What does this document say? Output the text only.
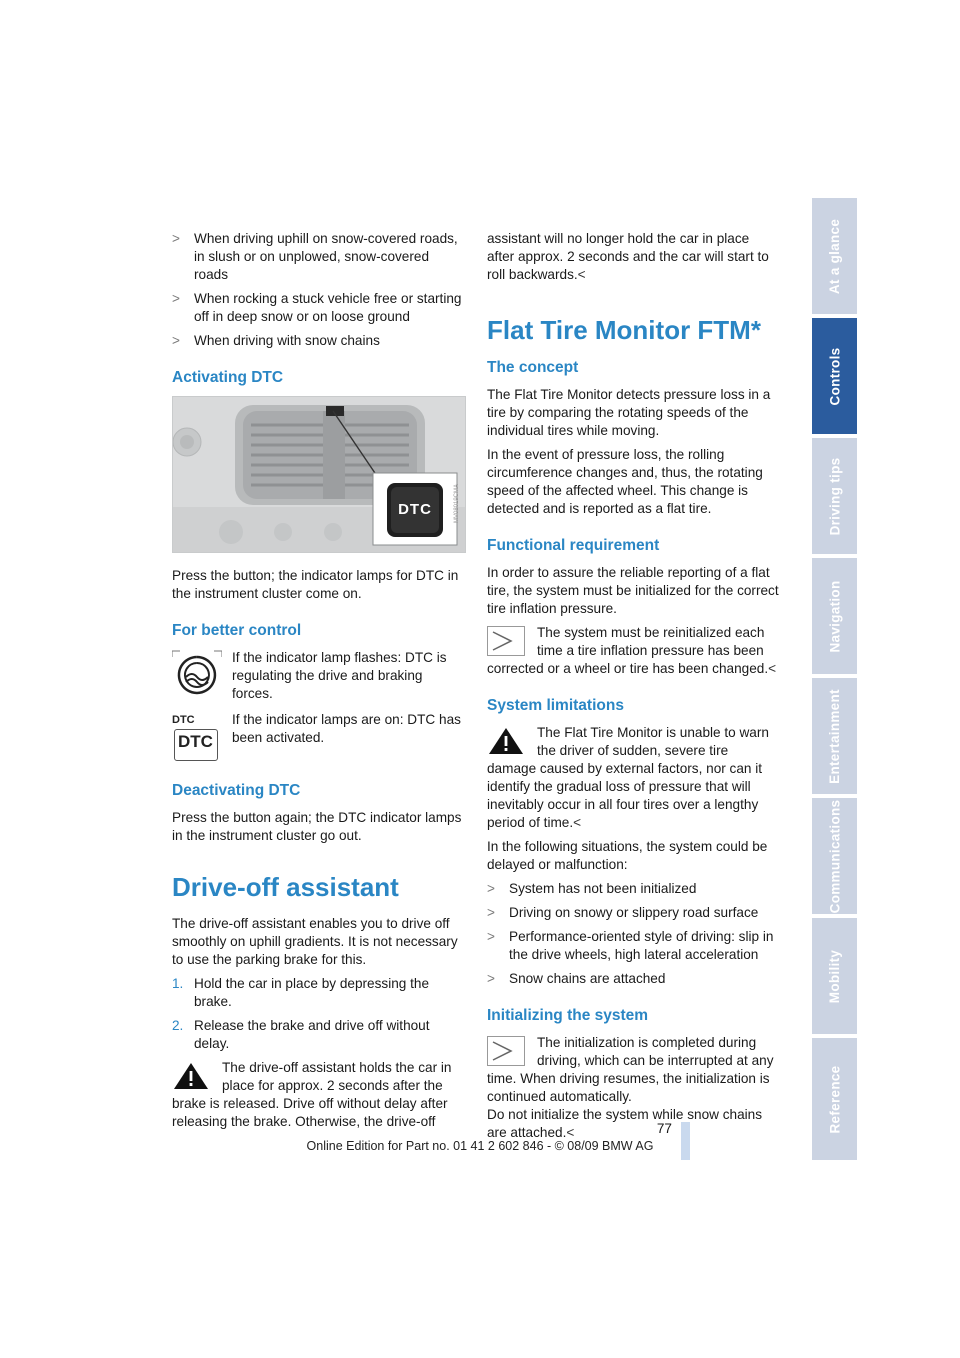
>	When driving uphill on snow-covered roads, in slush or on unplowed, snow-covered roads
>	When rocking a stuck vehicle free or starting off in deep snow or on loose ground
>	When driving with snow chains
Activating DTC
DTC	MV08019CMA

Press the button; the indicator lamps for DTC in the instrument cluster come on.

For better control
If the indicator lamp flashes: DTC is regulating the drive and braking forces.
DTC
DTC
If the indicator lamps are on: DTC has been activated.
Deactivating DTC

Press the button again; the DTC indicator lamps in the instrument cluster go out.

Drive-off assistant

The drive-off assistant enables you to drive off smoothly on uphill gradients. It is not necessary to use the parking brake for this.

1. Hold the car in place by depressing the brake.
2. Release the brake and drive off without delay.
The drive-off assistant holds the car in place for approx. 2 seconds after the brake is released. Drive off without delay after releasing the brake. Otherwise, the drive-off

assistant will no longer hold the car in place after approx. 2 seconds and the car will start to roll backwards.<

Flat Tire Monitor FTM*
The concept

The Flat Tire Monitor detects pressure loss in a tire by comparing the rotating speeds of the individual tires while moving.

In the event of pressure loss, the rolling circumference changes and, thus, the rotating speed of the affected wheel. This change is detected and is reported as a flat tire.

Functional requirement

In order to assure the reliable reporting of a flat tire, the system must be initialized for the correct tire inflation pressure.

The system must be reinitialized each time a tire inflation pressure has been corrected or a wheel or tire has been changed.<
System limitations
The Flat Tire Monitor is unable to warn the driver of sudden, severe tire damage caused by external factors, nor can it identify the gradual loss of pressure that will inevitably occur in all four tires over a lengthy period of time.<

In the following situations, the system could be delayed or malfunction:

>	System has not been initialized
>	Driving on snowy or slippery road surface
>	Performance-oriented style of driving: slip in the drive wheels, high lateral acceleration
>	Snow chains are attached
Initializing the system
The initialization is completed during driving, which can be interrupted at any time. When driving resumes, the initialization is continued automatically.
Do not initialize the system while snow chains are attached.<
At a glance
Controls
Driving tips
Navigation
Entertainment
Communications
Mobility
Reference
77
Online Edition for Part no. 01 41 2 602 846 - © 08/09 BMW AG
